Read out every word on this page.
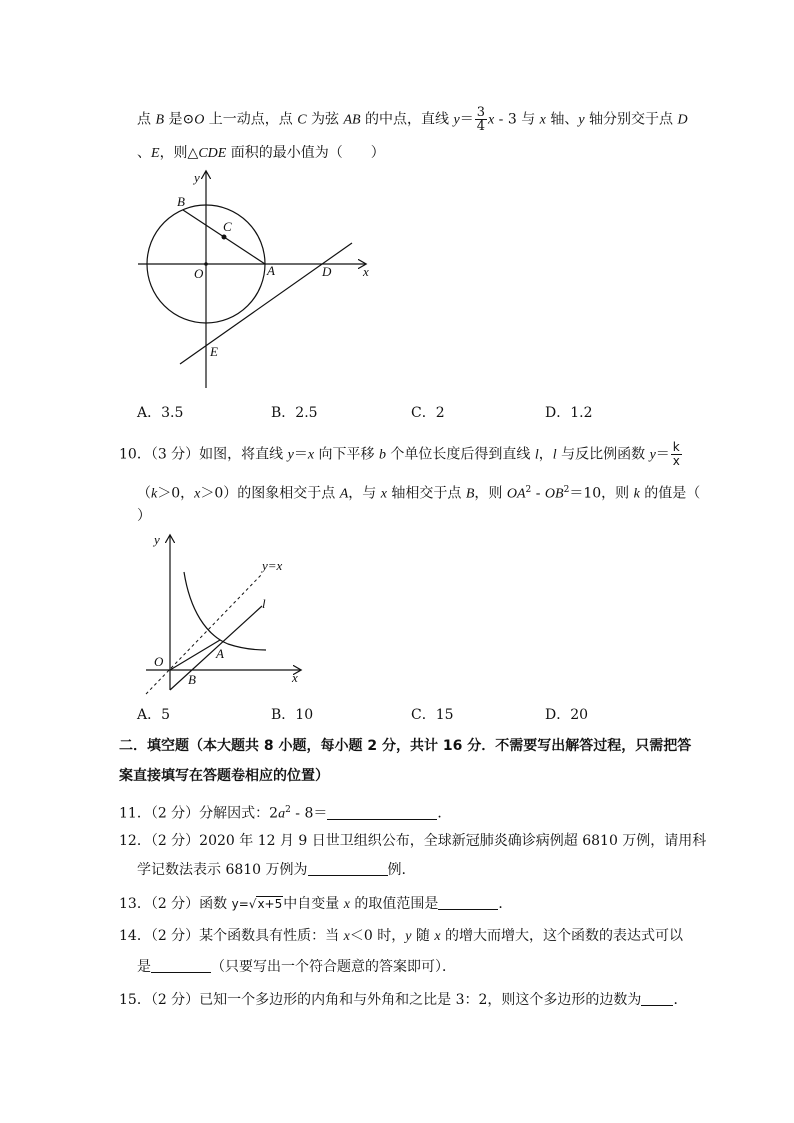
点 B 是⊙O 上一动点，点 C 为弦 AB 的中点，直线 $y= \frac{3}{4}$ x - 3 与 x 轴、y 轴分别交于点 D
、E，则△CDE 面积的最小值为（　　）
y
B
C
O	A	D x
E
A．3.5	B．2.5	C．2	D．1.2
10．（3 分）如图，将直线 y＝x 向下平移 b 个单位长度后得到直线 l，l 与反比例函数 $y= \frac{k}{x}$
（k＞0，x＞0）的图象相交于点 A，与 x 轴相交于点 B，则 $OA^2 - OB^2=10$，则 k 的值是（
）
y
y=x
l
O
A
B	x
A．5	B．10	C．15	D．20
二．填空题（本大题共 8 小题，每小题 2 分，共计 16 分．不需要写出解答过程，只需把答
案直接填写在答题卷相应的位置）
11．（2 分）分解因式：$2a^2 - 8=$	．
12．（2 分）2020 年 12 月 9 日世卫组织公布，全球新冠肺炎确诊病例超 6810 万例，请用科
学记数法表示 6810 万例为	例.
13．（2 分）函数 y=√x+5中自变量 x 的取值范围是	．
14．（2 分）某个函数具有性质：当 x＜0 时，y 随 x 的增大而增大，这个函数的表达式可以
是	（只要写出一个符合题意的答案即可）．
15．（2 分）已知一个多边形的内角和与外角和之比是 3：2，则这个多边形的边数为 ．
